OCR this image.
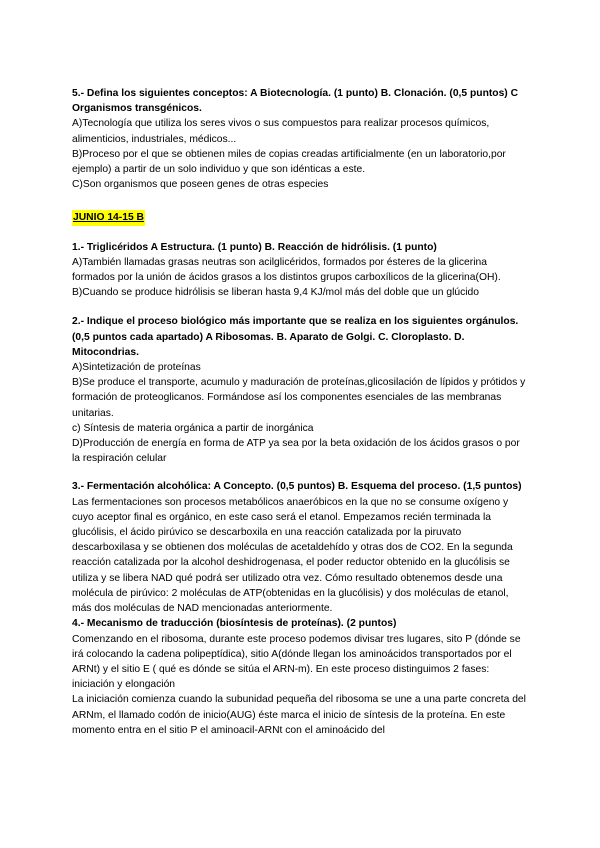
5.- Defina los siguientes conceptos: A Biotecnología. (1 punto) B. Clonación. (0,5 puntos) C Organismos transgénicos.
A)Tecnología que utiliza los seres vivos o sus compuestos para realizar procesos químicos, alimenticios, industriales, médicos...
B)Proceso por el que se obtienen miles de copias creadas artificialmente (en un laboratorio,por ejemplo) a partir de un solo individuo y que son idénticas a este.
C)Son organismos que poseen genes de otras especies
JUNIO 14-15 B
1.- Triglicéridos A Estructura. (1 punto) B. Reacción de hidrólisis. (1 punto)
A)También llamadas grasas neutras son acilglicéridos, formados por ésteres de la glicerina formados por la unión de ácidos grasos a los distintos grupos carboxílicos de la glicerina(OH).
B)Cuando se produce hidrólisis se liberan hasta 9,4 KJ/mol más del doble que un glúcido
2.- Indique el proceso biológico más importante que se realiza en los siguientes orgánulos. (0,5 puntos cada apartado) A Ribosomas. B. Aparato de Golgi. C. Cloroplasto. D. Mitocondrias.
A)Sintetización de proteínas
B)Se produce el transporte, acumulo y maduración de proteínas,glicosilación de lípidos y prótidos y formación de proteoglicanos. Formándose así los componentes esenciales de las membranas unitarias.
c) Síntesis de materia orgánica a partir de inorgánica
D)Producción de energía en forma de ATP ya sea por la beta oxidación de los ácidos grasos o por la respiración celular
3.- Fermentación alcohólica: A Concepto. (0,5 puntos) B. Esquema del proceso. (1,5 puntos)
Las fermentaciones son procesos metabólicos anaeróbicos en la que no se consume oxígeno y cuyo aceptor final es orgánico, en este caso será el etanol. Empezamos recién terminada la glucólisis, el ácido pirúvico se descarboxila en una reacción catalizada por la piruvato descarboxilasa y se obtienen dos moléculas de acetaldehído y otras dos de CO2. En la segunda reacción catalizada por la alcohol deshidrogenasa, el poder reductor obtenido en la glucólisis se utiliza y se libera NAD qué podrá ser utilizado otra vez. Cómo resultado obtenemos desde una molécula de pirúvico: 2 moléculas de ATP(obtenidas en la glucólisis) y dos moléculas de etanol, más dos moléculas de NAD mencionadas anteriormente.
4.- Mecanismo de traducción (biosíntesis de proteínas). (2 puntos)
Comenzando en el ribosoma, durante este proceso podemos divisar tres lugares, sito P (dónde se irá colocando la cadena polipeptídica), sitio A(dónde llegan los aminoácidos transportados por el ARNt) y el sitio E ( qué es dónde se sitúa el ARN-m). En este proceso distinguimos 2 fases: iniciación y elongación
La iniciación comienza cuando la subunidad pequeña del ribosoma se une a una parte concreta del ARNm, el llamado codón de inicio(AUG) éste marca el inicio de síntesis de la proteína. En este momento entra en el sitio P el aminoacil-ARNt con el aminoácido del
